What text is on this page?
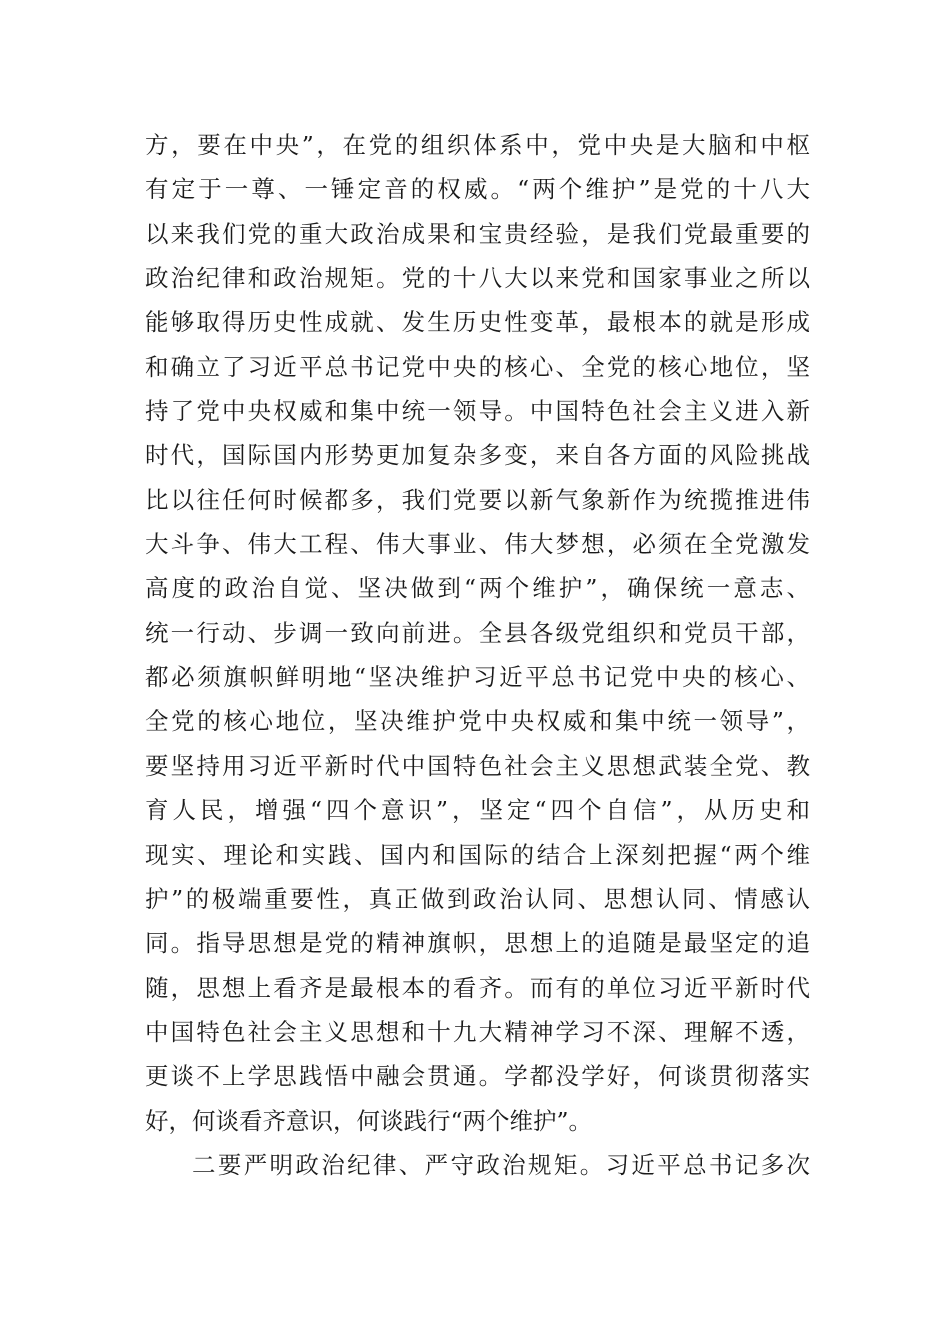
方，要在中央”，在党的组织体系中，党中央是大脑和中枢
有定于一尊、一锤定音的权威。“两个维护”是党的十八大
以来我们党的重大政治成果和宝贵经验，是我们党最重要的
政治纪律和政治规矩。党的十八大以来党和国家事业之所以
能够取得历史性成就、发生历史性变革，最根本的就是形成
和确立了习近平总书记党中央的核心、全党的核心地位，坚
持了党中央权威和集中统一领导。中国特色社会主义进入新
时代，国际国内形势更加复杂多变，来自各方面的风险挑战
比以往任何时候都多，我们党要以新气象新作为统揽推进伟
大斗争、伟大工程、伟大事业、伟大梦想，必须在全党激发
高度的政治自觉、坚决做到“两个维护”，确保统一意志、
统一行动、步调一致向前进。全县各级党组织和党员干部，
都必须旗帜鲜明地“坚决维护习近平总书记党中央的核心、
全党的核心地位，坚决维护党中央权威和集中统一领导”，
要坚持用习近平新时代中国特色社会主义思想武装全党、教
育人民，增强“四个意识”，坚定“四个自信”，从历史和
现实、理论和实践、国内和国际的结合上深刻把握“两个维
护”的极端重要性，真正做到政治认同、思想认同、情感认
同。指导思想是党的精神旗帜，思想上的追随是最坚定的追
随，思想上看齐是最根本的看齐。而有的单位习近平新时代
中国特色社会主义思想和十九大精神学习不深、理解不透，
更谈不上学思践悟中融会贯通。学都没学好，何谈贯彻落实
好，何谈看齐意识，何谈践行“两个维护”。
二要严明政治纪律、严守政治规矩。习近平总书记多次
